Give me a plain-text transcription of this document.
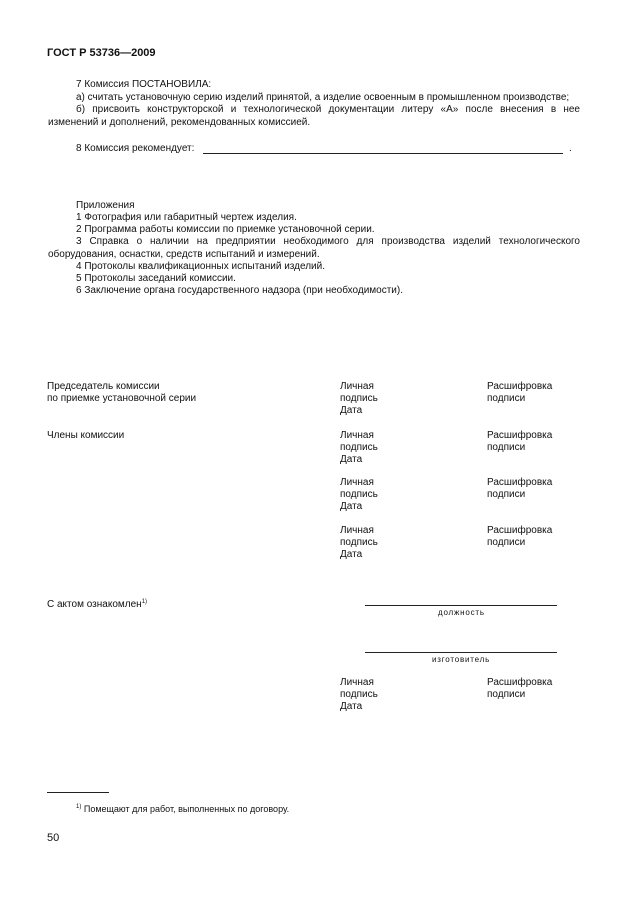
ГОСТ Р 53736—2009
7 Комиссия ПОСТАНОВИЛА:
а) считать установочную серию изделий принятой, а изделие освоенным в промышленном производстве;
б) присвоить конструкторской и технологической документации литеру «А» после внесения в нее изменений и дополнений, рекомендованных комиссией.
8 Комиссия рекомендует:	.
Приложения
1 Фотография или габаритный чертеж изделия.
2 Программа работы комиссии по приемке установочной серии.
3 Справка о наличии на предприятии необходимого для производства изделий технологического оборудования, оснастки, средств испытаний и измерений.
4 Протоколы квалификационных испытаний изделий.
5 Протоколы заседаний комиссии.
6 Заключение органа государственного надзора (при необходимости).
Председатель комиссии
по приемке установочной серии
Личная
подпись
Дата
Расшифровка
подписи
Члены комиссии	Личная
подпись
Дата
Расшифровка
подписи
Личная
подпись
Дата
Расшифровка
подписи
Личная
подпись
Дата
Расшифровка
подписи
С актом ознакомлен$^{1)}$
должность
изготовитель
Личная
подпись
Дата
Расшифровка
подписи
$^{1)}$ Помещают для работ, выполненных по договору.
50
